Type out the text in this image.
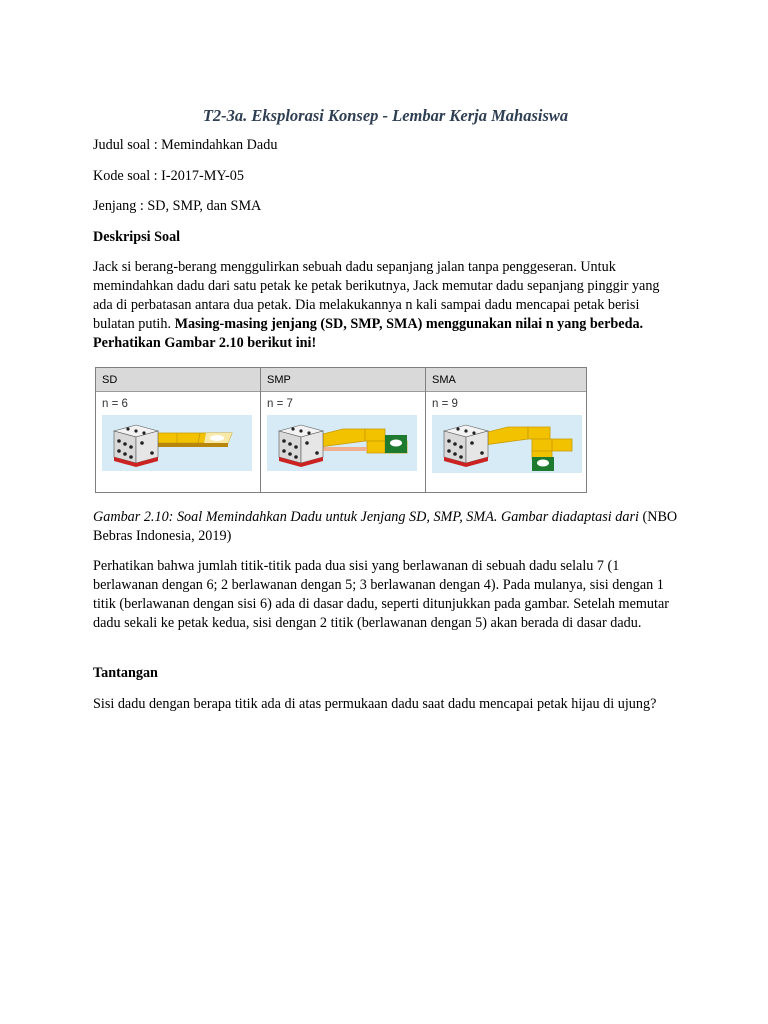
T2-3a. Eksplorasi Konsep - Lembar Kerja Mahasiswa
Judul soal : Memindahkan Dadu
Kode soal : I-2017-MY-05
Jenjang : SD, SMP, dan SMA
Deskripsi Soal
Jack si berang-berang menggulirkan sebuah dadu sepanjang jalan tanpa penggeseran. Untuk memindahkan dadu dari satu petak ke petak berikutnya, Jack memutar dadu sepanjang pinggir yang ada di perbatasan antara dua petak. Dia melakukannya n kali sampai dadu mencapai petak berisi bulatan putih. Masing-masing jenjang (SD, SMP, SMA) menggunakan nilai n yang berbeda. Perhatikan Gambar 2.10 berikut ini!
Gambar 2.10: Soal Memindahkan Dadu untuk Jenjang SD, SMP, SMA. Gambar diadaptasi dari (NBO Bebras Indonesia, 2019)
Perhatikan bahwa jumlah titik-titik pada dua sisi yang berlawanan di sebuah dadu selalu 7 (1 berlawanan dengan 6; 2 berlawanan dengan 5; 3 berlawanan dengan 4). Pada mulanya, sisi dengan 1 titik (berlawanan dengan sisi 6) ada di dasar dadu, seperti ditunjukkan pada gambar. Setelah memutar dadu sekali ke petak kedua, sisi dengan 2 titik (berlawanan dengan 5) akan berada di dasar dadu.
Tantangan
Sisi dadu dengan berapa titik ada di atas permukaan dadu saat dadu mencapai petak hijau di ujung?
SD
n = 6
SMP
n = 7
SMA
n = 9
